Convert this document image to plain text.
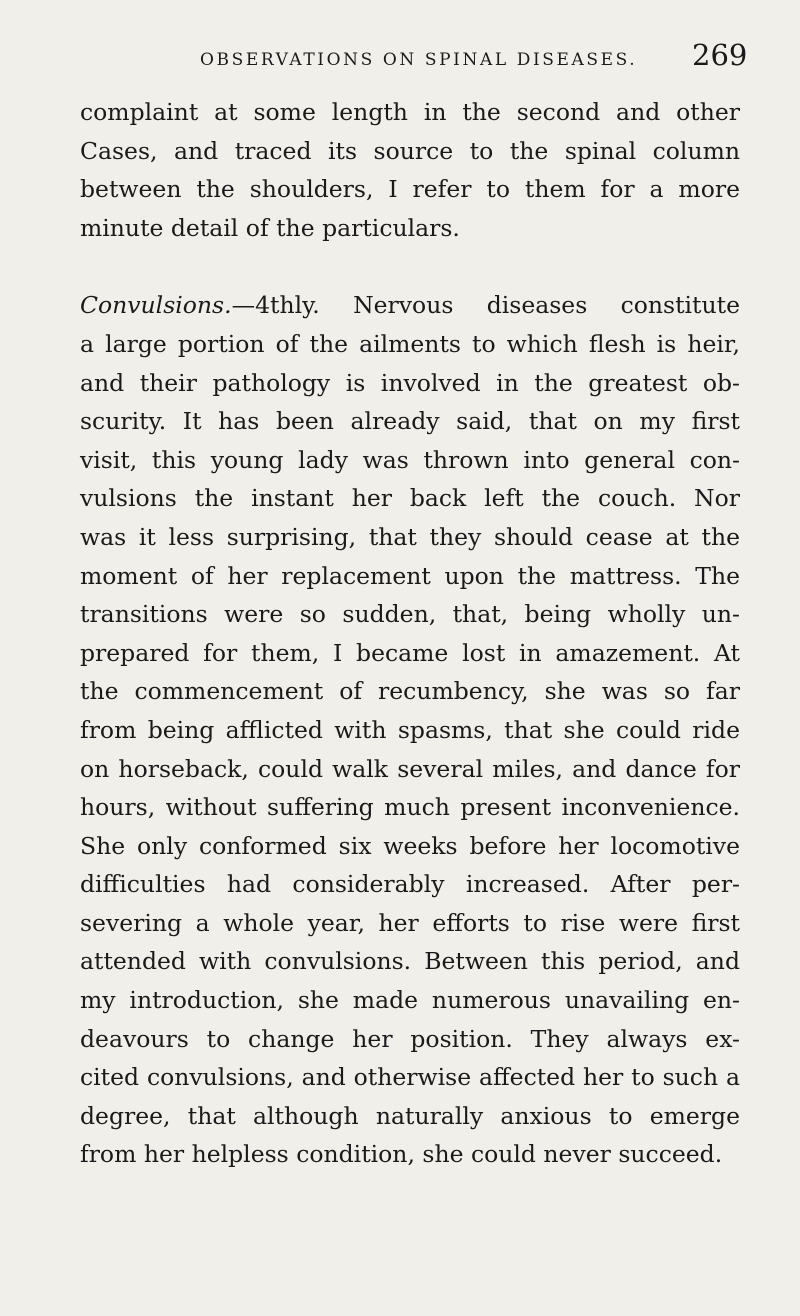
OBSERVATIONS ON SPINAL DISEASES. 269
complaint at some length in the second and other
Cases, and traced its source to the spinal column
between the shoulders, I refer to them for a more
minute detail of the particulars.
Convulsions.—4thly. Nervous diseases constitute
a large portion of the ailments to which flesh is heir,
and their pathology is involved in the greatest ob-
scurity. It has been already said, that on my first
visit, this young lady was thrown into general con-
vulsions the instant her back left the couch. Nor
was it less surprising, that they should cease at the
moment of her replacement upon the mattress. The
transitions were so sudden, that, being wholly un-
prepared for them, I became lost in amazement. At
the commencement of recumbency, she was so far
from being afflicted with spasms, that she could ride
on horseback, could walk several miles, and dance for
hours, without suffering much present inconvenience.
She only conformed six weeks before her locomotive
difficulties had considerably increased. After per-
severing a whole year, her efforts to rise were first
attended with convulsions. Between this period, and
my introduction, she made numerous unavailing en-
deavours to change her position. They always ex-
cited convulsions, and otherwise affected her to such a
degree, that although naturally anxious to emerge
from her helpless condition, she could never succeed.
